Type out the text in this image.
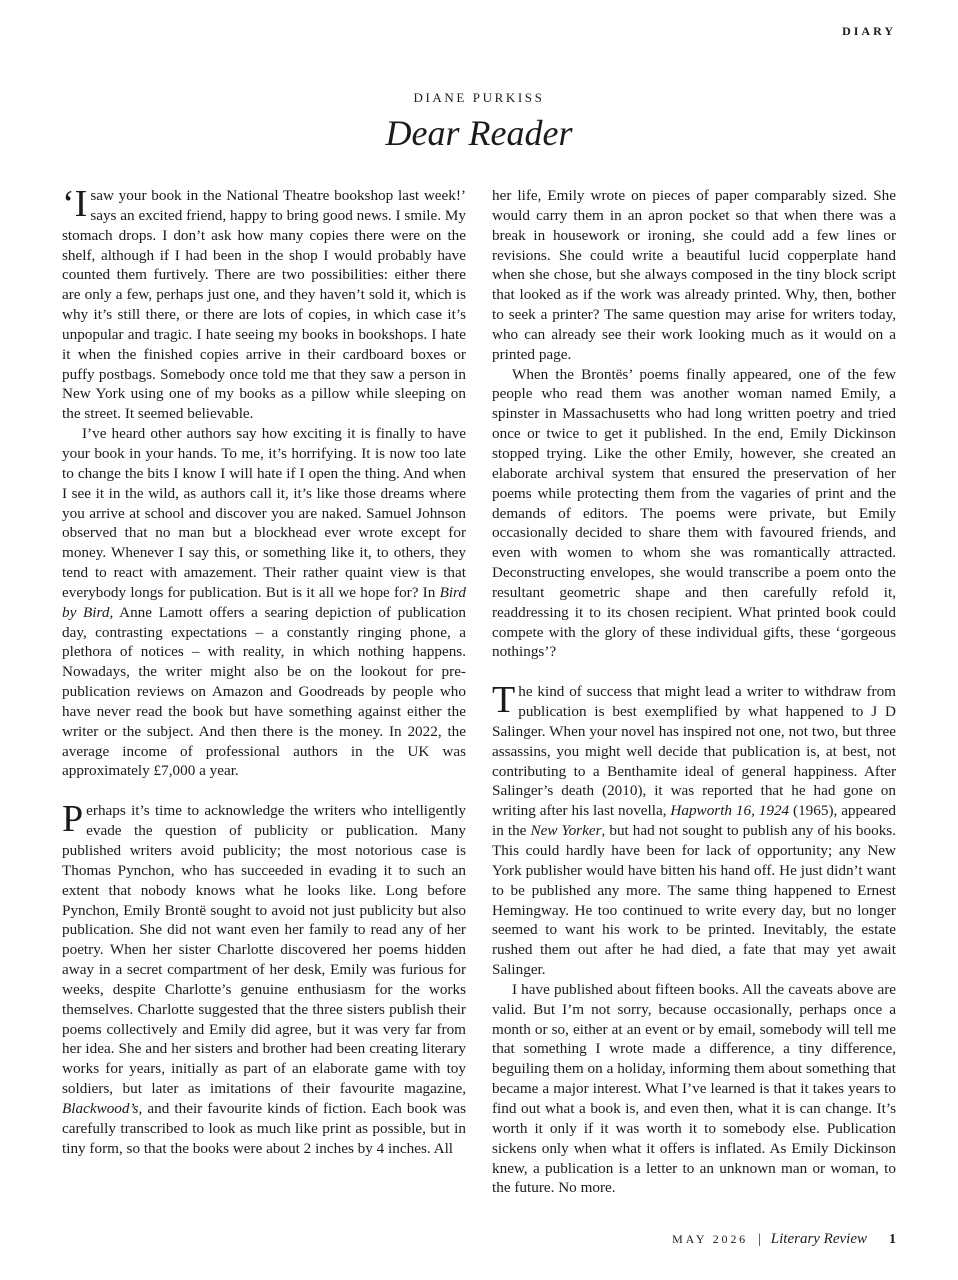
DIARY
DIANE PURKISS
Dear Reader

‘Isaw your book in the National Theatre bookshop last week!’ says an excited friend, happy to bring good news. I smile. My stomach drops. I don’t ask how many copies there were on the shelf, although if I had been in the shop I would probably have counted them furtively. There are two possibilities: either there are only a few, perhaps just one, and they haven’t sold it, which is why it’s still there, or there are lots of copies, in which case it’s unpopular and tragic. I hate seeing my books in bookshops. I hate it when the finished copies arrive in their cardboard boxes or puffy postbags. Somebody once told me that they saw a person in New York using one of my books as a pillow while sleeping on the street. It seemed believable.

I’ve heard other authors say how exciting it is finally to have your book in your hands. To me, it’s horrifying. It is now too late to change the bits I know I will hate if I open the thing. And when I see it in the wild, as authors call it, it’s like those dreams where you arrive at school and discover you are naked. Samuel Johnson observed that no man but a blockhead ever wrote except for money. Whenever I say this, or something like it, to others, they tend to react with amazement. Their rather quaint view is that everybody longs for publication. But is it all we hope for? In Bird by Bird, Anne Lamott offers a searing depiction of publication day, contrasting expectations – a constantly ringing phone, a plethora of notices – with reality, in which nothing happens. Nowadays, the writer might also be on the lookout for pre-publication reviews on Amazon and Goodreads by people who have never read the book but have something against either the writer or the subject. And then there is the money. In 2022, the average income of professional authors in the UK was approximately £7,000 a year.

Perhaps it’s time to acknowledge the writers who intelligently evade the question of publicity or publication. Many published writers avoid publicity; the most notorious case is Thomas Pynchon, who has succeeded in evading it to such an extent that nobody knows what he looks like. Long before Pynchon, Emily Brontë sought to avoid not just publicity but also publication. She did not want even her family to read any of her poetry. When her sister Charlotte discovered her poems hidden away in a secret compartment of her desk, Emily was furious for weeks, despite Charlotte’s genuine enthusiasm for the works themselves. Charlotte suggested that the three sisters publish their poems collectively and Emily did agree, but it was very far from her idea. She and her sisters and brother had been creating literary works for years, initially as part of an elaborate game with toy soldiers, but later as imitations of their favourite magazine, Blackwood’s, and their favourite kinds of fiction. Each book was carefully transcribed to look as much like print as possible, but in tiny form, so that the books were about 2 inches by 4 inches. All

her life, Emily wrote on pieces of paper comparably sized. She would carry them in an apron pocket so that when there was a break in housework or ironing, she could add a few lines or revisions. She could write a beautiful lucid copperplate hand when she chose, but she always composed in the tiny block script that looked as if the work was already printed. Why, then, bother to seek a printer? The same question may arise for writers today, who can already see their work looking much as it would on a printed page.

When the Brontës’ poems finally appeared, one of the few people who read them was another woman named Emily, a spinster in Massachusetts who had long written poetry and tried once or twice to get it published. In the end, Emily Dickinson stopped trying. Like the other Emily, however, she created an elaborate archival system that ensured the preservation of her poems while protecting them from the vagaries of print and the demands of editors. The poems were private, but Emily occasionally decided to share them with favoured friends, and even with women to whom she was romantically attracted. Deconstructing envelopes, she would transcribe a poem onto the resultant geometric shape and then carefully refold it, readdressing it to its chosen recipient. What printed book could compete with the glory of these individual gifts, these ‘gorgeous nothings’?

The kind of success that might lead a writer to withdraw from publication is best exemplified by what happened to J D Salinger. When your novel has inspired not one, not two, but three assassins, you might well decide that publication is, at best, not contributing to a Benthamite ideal of general happiness. After Salinger’s death (2010), it was reported that he had gone on writing after his last novella, Hapworth 16, 1924 (1965), appeared in the New Yorker, but had not sought to publish any of his books. This could hardly have been for lack of opportunity; any New York publisher would have bitten his hand off. He just didn’t want to be published any more. The same thing happened to Ernest Hemingway. He too continued to write every day, but no longer seemed to want his work to be printed. Inevitably, the estate rushed them out after he had died, a fate that may yet await Salinger.

I have published about fifteen books. All the caveats above are valid. But I’m not sorry, because occasionally, perhaps once a month or so, either at an event or by email, somebody will tell me that something I wrote made a difference, a tiny difference, beguiling them on a holiday, informing them about something that became a major interest. What I’ve learned is that it takes years to find out what a book is, and even then, what it is can change. It’s worth it only if it was worth it to somebody else. Publication sickens only when what it offers is inflated. As Emily Dickinson knew, a publication is a letter to an unknown man or woman, to the future. No more.

MAY 2026 | Literary Review 1
